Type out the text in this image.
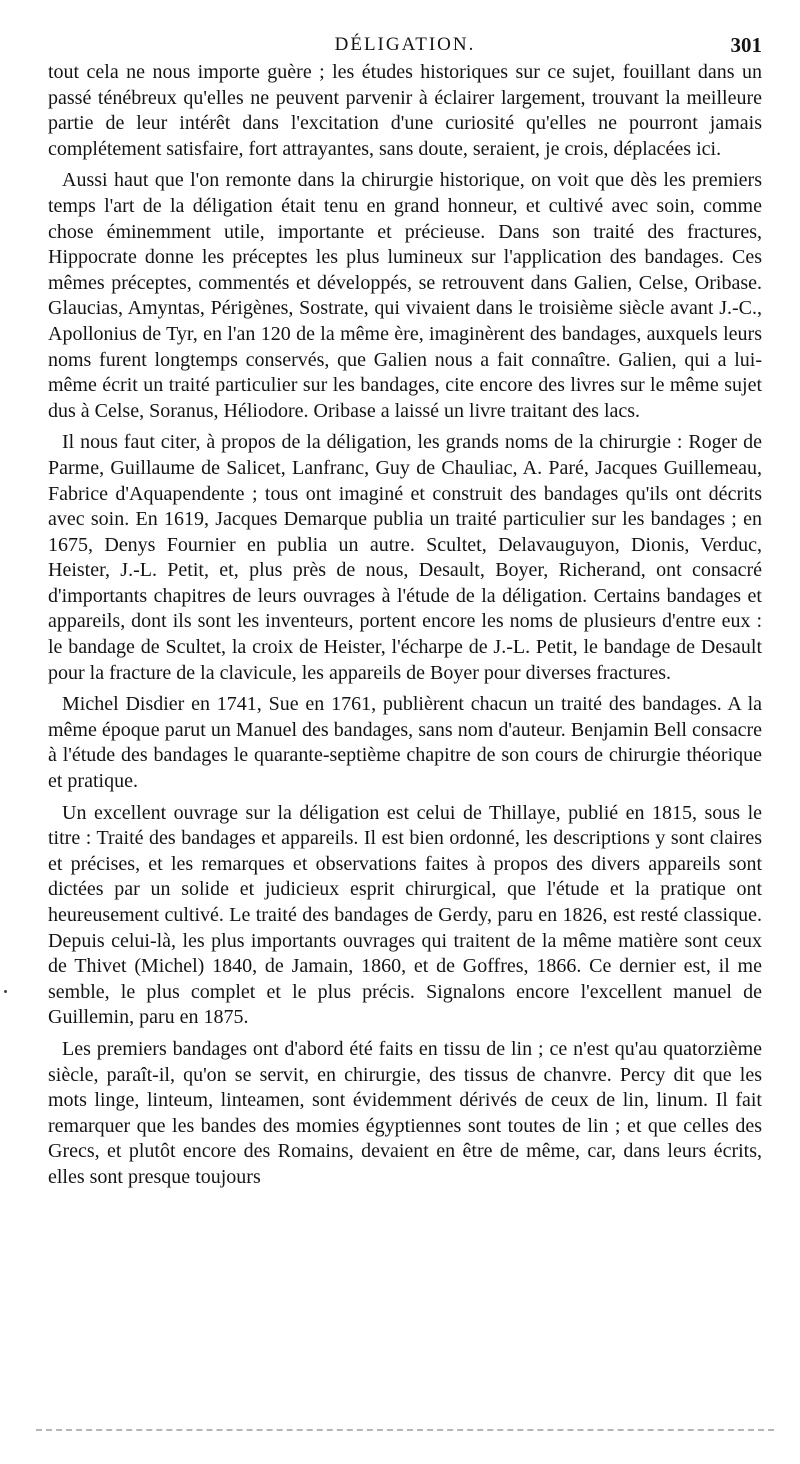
DÉLIGATION.	301

tout cela ne nous importe guère ; les études historiques sur ce sujet, fouillant dans un passé ténébreux qu'elles ne peuvent parvenir à éclairer largement, trouvant la meilleure partie de leur intérêt dans l'excitation d'une curiosité qu'elles ne pourront jamais complétement satisfaire, fort attrayantes, sans doute, seraient, je crois, déplacées ici.

Aussi haut que l'on remonte dans la chirurgie historique, on voit que dès les premiers temps l'art de la déligation était tenu en grand honneur, et cultivé avec soin, comme chose éminemment utile, importante et précieuse. Dans son traité des fractures, Hippocrate donne les préceptes les plus lumineux sur l'application des bandages. Ces mêmes préceptes, commentés et développés, se retrouvent dans Galien, Celse, Oribase. Glaucias, Amyntas, Périgènes, Sostrate, qui vivaient dans le troisième siècle avant J.-C., Apollonius de Tyr, en l'an 120 de la même ère, imaginèrent des bandages, auxquels leurs noms furent longtemps conservés, que Galien nous a fait connaître. Galien, qui a lui-même écrit un traité particulier sur les bandages, cite encore des livres sur le même sujet dus à Celse, Soranus, Héliodore. Oribase a laissé un livre traitant des lacs.

Il nous faut citer, à propos de la déligation, les grands noms de la chirurgie : Roger de Parme, Guillaume de Salicet, Lanfranc, Guy de Chauliac, A. Paré, Jacques Guillemeau, Fabrice d'Aquapendente ; tous ont imaginé et construit des bandages qu'ils ont décrits avec soin. En 1619, Jacques Demarque publia un traité particulier sur les bandages ; en 1675, Denys Fournier en publia un autre. Scultet, Delavauguyon, Dionis, Verduc, Heister, J.-L. Petit, et, plus près de nous, Desault, Boyer, Richerand, ont consacré d'importants chapitres de leurs ouvrages à l'étude de la déligation. Certains bandages et appareils, dont ils sont les inventeurs, portent encore les noms de plusieurs d'entre eux : le bandage de Scultet, la croix de Heister, l'écharpe de J.-L. Petit, le bandage de Desault pour la fracture de la clavicule, les appareils de Boyer pour diverses fractures.

Michel Disdier en 1741, Sue en 1761, publièrent chacun un traité des bandages. A la même époque parut un Manuel des bandages, sans nom d'auteur. Benjamin Bell consacre à l'étude des bandages le quarante-septième chapitre de son cours de chirurgie théorique et pratique.

Un excellent ouvrage sur la déligation est celui de Thillaye, publié en 1815, sous le titre : Traité des bandages et appareils. Il est bien ordonné, les descriptions y sont claires et précises, et les remarques et observations faites à propos des divers appareils sont dictées par un solide et judicieux esprit chirurgical, que l'étude et la pratique ont heureusement cultivé. Le traité des bandages de Gerdy, paru en 1826, est resté classique. Depuis celui-là, les plus importants ouvrages qui traitent de la même matière sont ceux de Thivet (Michel) 1840, de Jamain, 1860, et de Goffres, 1866. Ce dernier est, il me semble, le plus complet et le plus précis. Signalons encore l'excellent manuel de Guillemin, paru en 1875.

Les premiers bandages ont d'abord été faits en tissu de lin ; ce n'est qu'au quatorzième siècle, paraît-il, qu'on se servit, en chirurgie, des tissus de chanvre. Percy dit que les mots linge, linteum, linteamen, sont évidemment dérivés de ceux de lin, linum. Il fait remarquer que les bandes des momies égyptiennes sont toutes de lin ; et que celles des Grecs, et plutôt encore des Romains, devaient en être de même, car, dans leurs écrits, elles sont presque toujours
